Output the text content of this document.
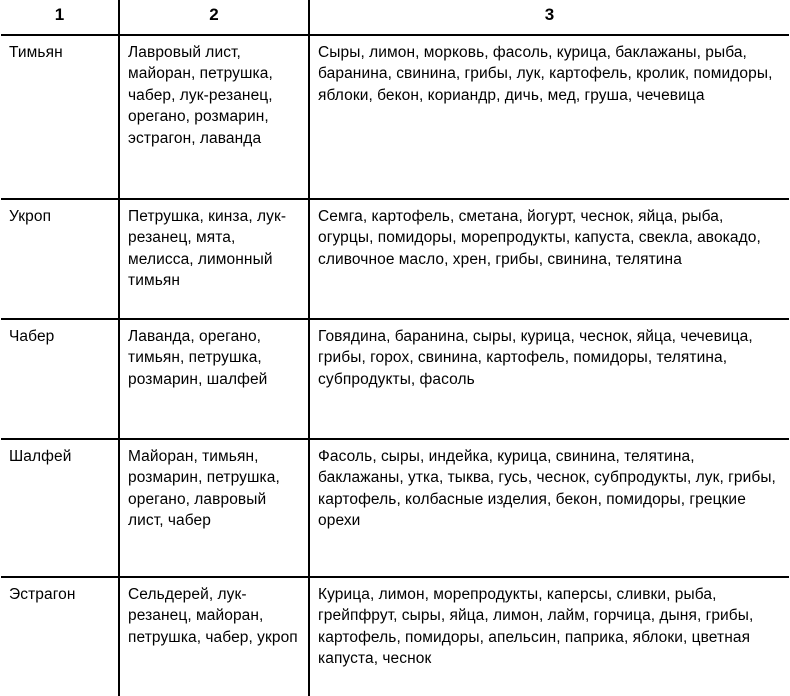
1	2	3
Тимьян	Лавровый лист, майоран, петрушка, чабер, лук-резанец, орегано, розмарин, эстрагон, лаванда	Сыры, лимон, морковь, фасоль, курица, баклажаны, рыба, баранина, свинина, грибы, лук, картофель, кролик, помидоры, яблоки, бекон, кориандр, дичь, мед, груша, чечевица
Укроп	Петрушка, кинза, лук-резанец, мята, мелисса, лимонный тимьян	Семга, картофель, сметана, йогурт, чеснок, яйца, рыба, огурцы, помидоры, морепродукты, капуста, свекла, авокадо, сливочное масло, хрен, грибы, свинина, телятина
Чабер	Лаванда, орегано, тимьян, петрушка, розмарин, шалфей	Говядина, баранина, сыры, курица, чеснок, яйца, чечевица, грибы, горох, свинина, картофель, помидоры, телятина, субпродукты, фасоль
Шалфей	Майоран, тимьян, розмарин, петрушка, орегано, лавровый лист, чабер	Фасоль, сыры, индейка, курица, свинина, телятина, баклажаны, утка, тыква, гусь, чеснок, субпродукты, лук, грибы, картофель, колбасные изделия, бекон, помидоры, грецкие орехи
Эстрагон	Сельдерей, лук-резанец, майоран, петрушка, чабер, укроп	Курица, лимон, морепродукты, каперсы, сливки, рыба, грейпфрут, сыры, яйца, лимон, лайм, горчица, дыня, грибы, картофель, помидоры, апельсин, паприка, яблоки, цветная капуста, чеснок
